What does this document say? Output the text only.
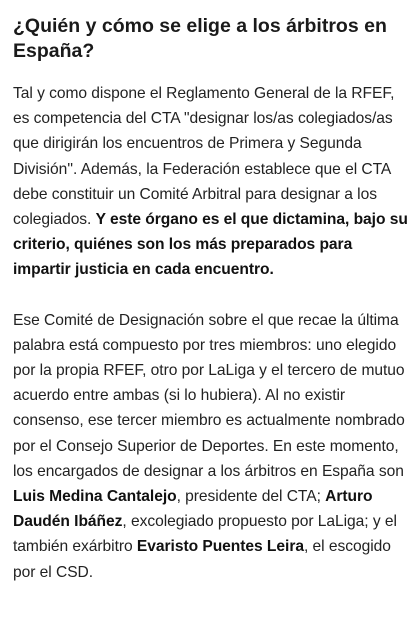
¿Quién y cómo se elige a los árbitros en España?

Tal y como dispone el Reglamento General de la RFEF, es competencia del CTA "designar los/as colegiados/as que dirigirán los encuentros de Primera y Segunda División''. Además, la Federación establece que el CTA debe constituir un Comité Arbitral para designar a los colegiados. Y este órgano es el que dictamina, bajo su criterio, quiénes son los más preparados para impartir justicia en cada encuentro.

Ese Comité de Designación sobre el que recae la última palabra está compuesto por tres miembros: uno elegido por la propia RFEF, otro por LaLiga y el tercero de mutuo acuerdo entre ambas (si lo hubiera). Al no existir consenso, ese tercer miembro es actualmente nombrado por el Consejo Superior de Deportes. En este momento, los encargados de designar a los árbitros en España son Luis Medina Cantalejo, presidente del CTA; Arturo Daudén Ibáñez, excolegiado propuesto por LaLiga; y el también exárbitro Evaristo Puentes Leira, el escogido por el CSD.
